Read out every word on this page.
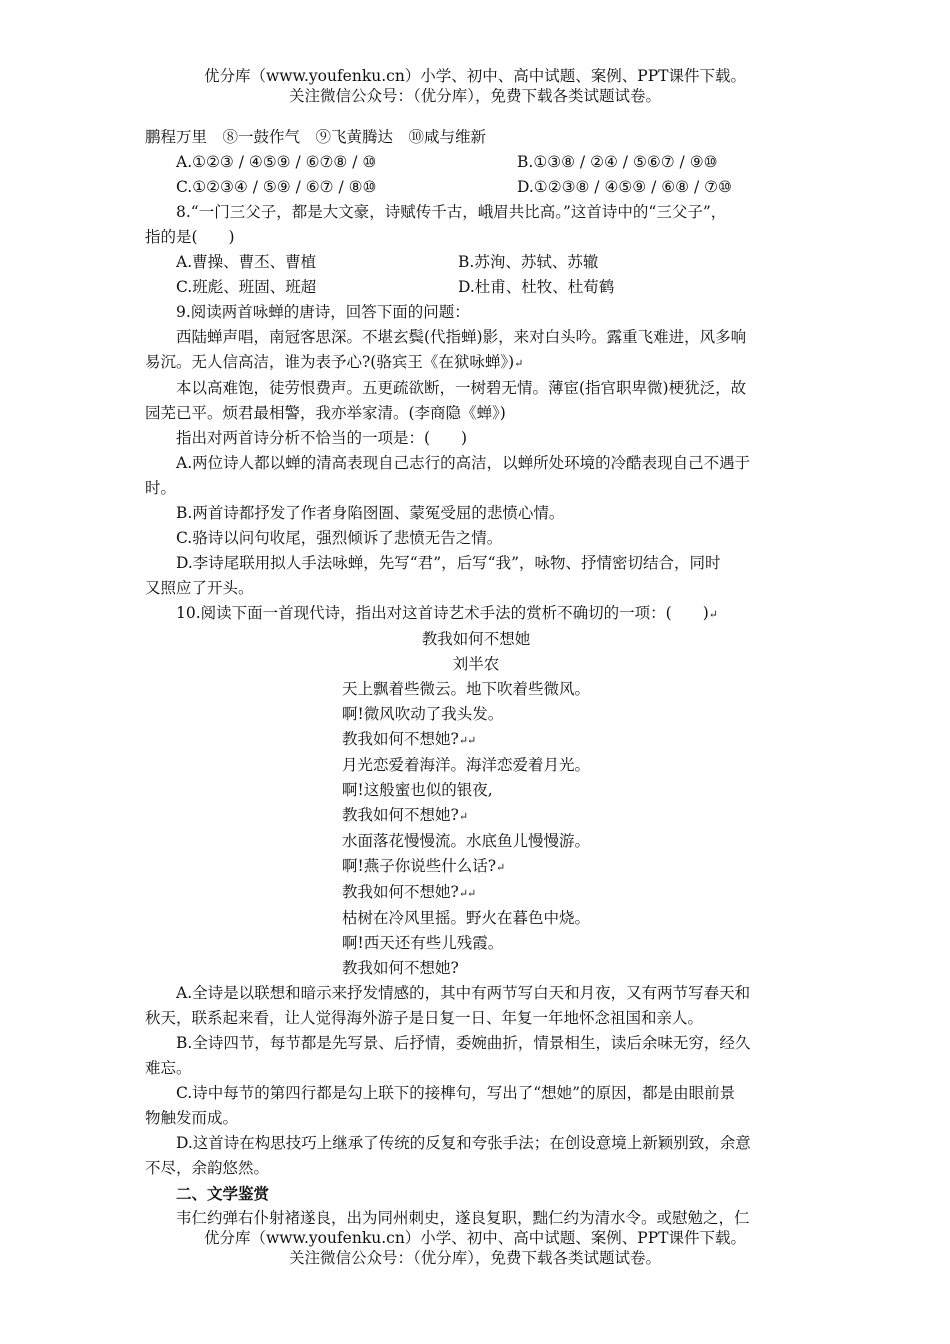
优分库（www.youfenku.cn）小学、初中、高中试题、案例、PPT课件下载。
关注微信公众号：（优分库），免费下载各类试题试卷。

鹏程万里　⑧一鼓作气　⑨飞黄腾达　⑩咸与维新

A.①②③ / ④⑤⑨ / ⑥⑦⑧ / ⑩	B.①③⑧ / ②④ / ⑤⑥⑦ / ⑨⑩
C.①②③④ / ⑤⑨ / ⑥⑦ / ⑧⑩	D.①②③⑧ / ④⑤⑨ / ⑥⑧ / ⑦⑩

8.“一门三父子，都是大文豪，诗赋传千古，峨眉共比高。”这首诗中的“三父子”，

指的是(　　)

A.曹操、曹丕、曹植	B.苏洵、苏轼、苏辙
C.班彪、班固、班超	D.杜甫、杜牧、杜荀鹤

9.阅读两首咏蝉的唐诗，回答下面的问题：

西陆蝉声唱，南冠客思深。不堪玄鬓(代指蝉)影，来对白头吟。露重飞难进，风多响

易沉。无人信高洁，谁为表予心?(骆宾王《在狱咏蝉》)↵

本以高难饱，徒劳恨费声。五更疏欲断，一树碧无情。薄宦(指官职卑微)梗犹泛，故

园芜已平。烦君最相警，我亦举家清。(李商隐《蝉》)

指出对两首诗分析不恰当的一项是：(　　)

A.两位诗人都以蝉的清高表现自己志行的高洁，以蝉所处环境的冷酷表现自己不遇于

时。

B.两首诗都抒发了作者身陷囹圄、蒙冤受屈的悲愤心情。

C.骆诗以问句收尾，强烈倾诉了悲愤无告之情。

D.李诗尾联用拟人手法咏蝉，先写“君”，后写“我”，咏物、抒情密切结合，同时

又照应了开头。

10.阅读下面一首现代诗，指出对这首诗艺术手法的赏析不确切的一项：(　　)↵

教我如何不想她

刘半农

天上飘着些微云。地下吹着些微风。

啊!微风吹动了我头发。

教我如何不想她?↵↵

月光恋爱着海洋。海洋恋爱着月光。

啊!这般蜜也似的银夜,

教我如何不想她?↵

水面落花慢慢流。水底鱼儿慢慢游。

啊!燕子你说些什么话?↵

教我如何不想她?↵↵

枯树在冷风里摇。野火在暮色中烧。

啊!西天还有些儿残霞。

教我如何不想她?

A.全诗是以联想和暗示来抒发情感的，其中有两节写白天和月夜，又有两节写春天和

秋天，联系起来看，让人觉得海外游子是日复一日、年复一年地怀念祖国和亲人。

B.全诗四节，每节都是先写景、后抒情，委婉曲折，情景相生，读后余味无穷，经久

难忘。

C.诗中每节的第四行都是勾上联下的接榫句，写出了“想她”的原因，都是由眼前景

物触发而成。

D.这首诗在构思技巧上继承了传统的反复和夸张手法；在创设意境上新颖别致，余意

不尽，余韵悠然。

二、文学鉴赏

韦仁约弹右仆射褚遂良，出为同州刺史，遂良复职，黜仁约为清水令。或慰勉之，仁

优分库（www.youfenku.cn）小学、初中、高中试题、案例、PPT课件下载。
关注微信公众号：（优分库），免费下载各类试题试卷。
